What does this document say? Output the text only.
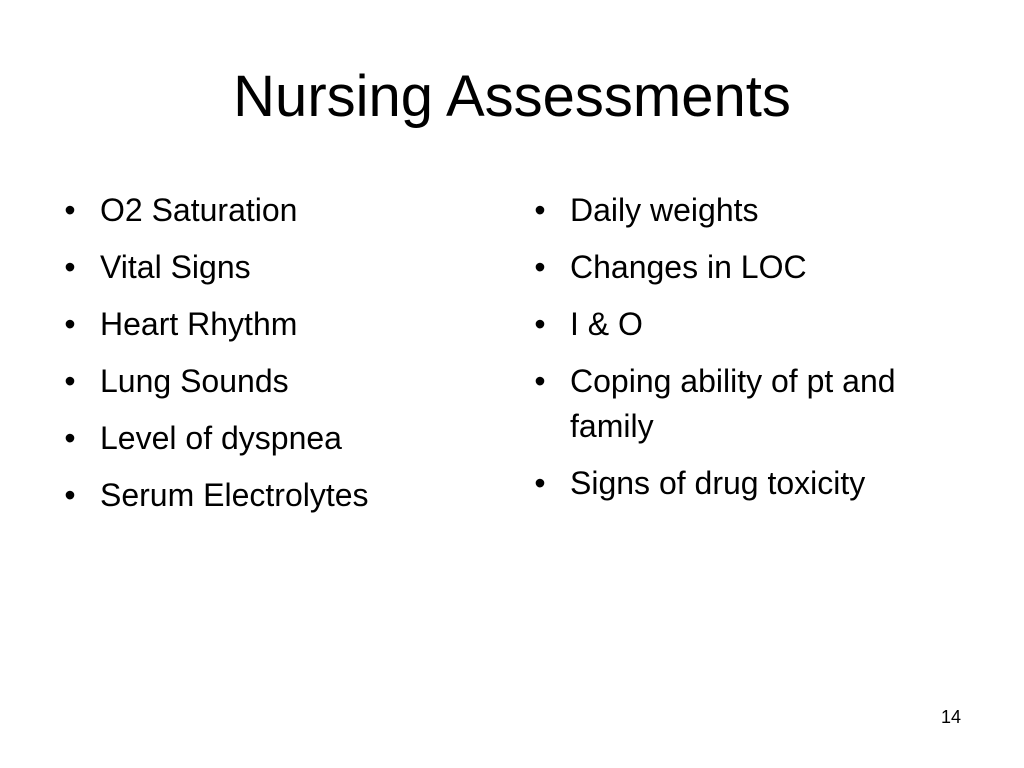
Nursing Assessments
• O2 Saturation
• Vital Signs
• Heart Rhythm
• Lung Sounds
• Level of dyspnea
• Serum Electrolytes
• Daily weights
• Changes in LOC
• I & O
• Coping ability of pt and family
• Signs of drug toxicity
14
